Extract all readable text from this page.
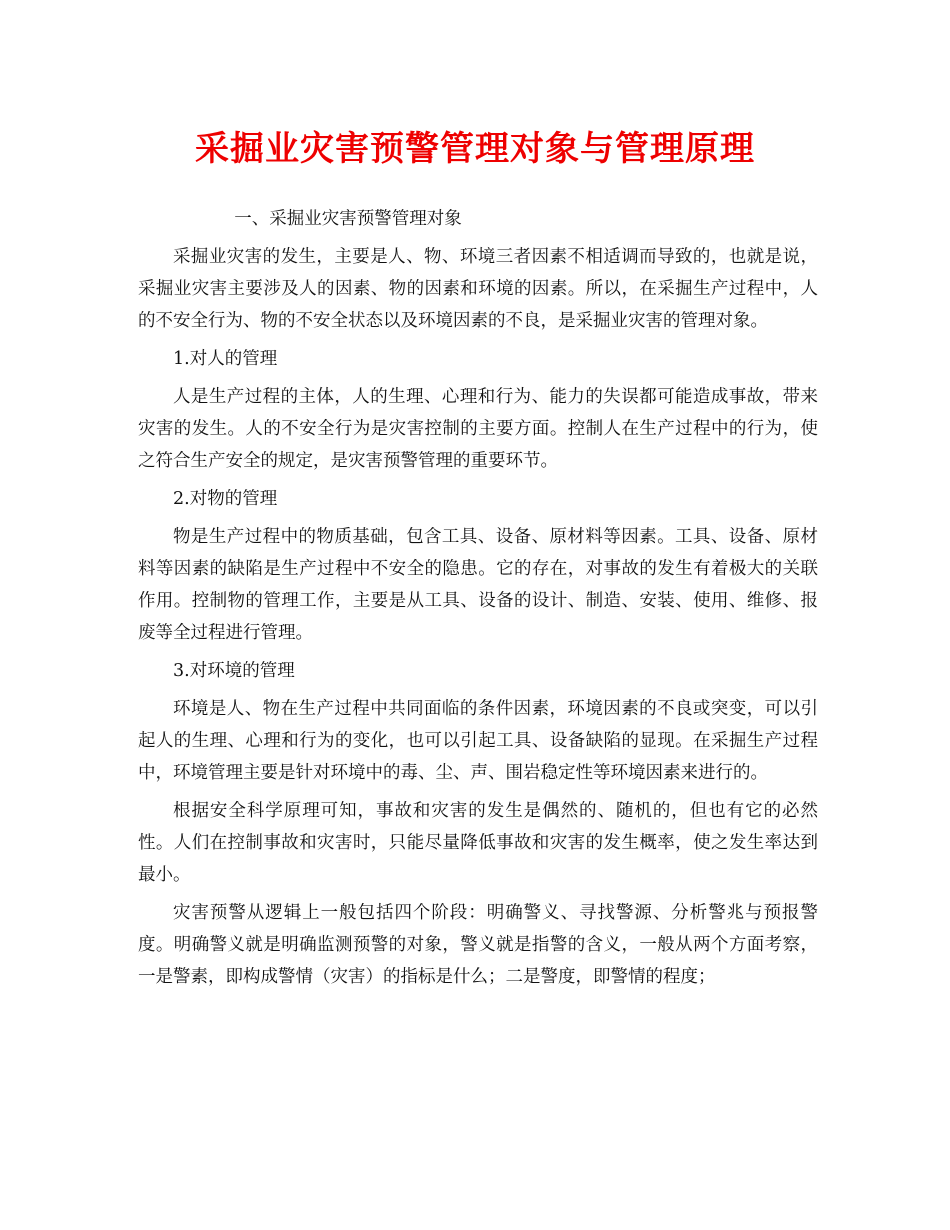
采掘业灾害预警管理对象与管理原理

一、采掘业灾害预警管理对象

采掘业灾害的发生，主要是人、物、环境三者因素不相适调而导致的，也就是说，采掘业灾害主要涉及人的因素、物的因素和环境的因素。所以，在采掘生产过程中，人的不安全行为、物的不安全状态以及环境因素的不良，是采掘业灾害的管理对象。

1.对人的管理

人是生产过程的主体，人的生理、心理和行为、能力的失误都可能造成事故，带来灾害的发生。人的不安全行为是灾害控制的主要方面。控制人在生产过程中的行为，使之符合生产安全的规定，是灾害预警管理的重要环节。

2.对物的管理

物是生产过程中的物质基础，包含工具、设备、原材料等因素。工具、设备、原材料等因素的缺陷是生产过程中不安全的隐患。它的存在，对事故的发生有着极大的关联作用。控制物的管理工作，主要是从工具、设备的设计、制造、安装、使用、维修、报废等全过程进行管理。

3.对环境的管理

环境是人、物在生产过程中共同面临的条件因素，环境因素的不良或突变，可以引起人的生理、心理和行为的变化，也可以引起工具、设备缺陷的显现。在采掘生产过程中，环境管理主要是针对环境中的毒、尘、声、围岩稳定性等环境因素来进行的。

根据安全科学原理可知，事故和灾害的发生是偶然的、随机的，但也有它的必然性。人们在控制事故和灾害时，只能尽量降低事故和灾害的发生概率，使之发生率达到最小。

灾害预警从逻辑上一般包括四个阶段：明确警义、寻找警源、分析警兆与预报警度。明确警义就是明确监测预警的对象，警义就是指警的含义，一般从两个方面考察，一是警素，即构成警情（灾害）的指标是什么；二是警度，即警情的程度；
